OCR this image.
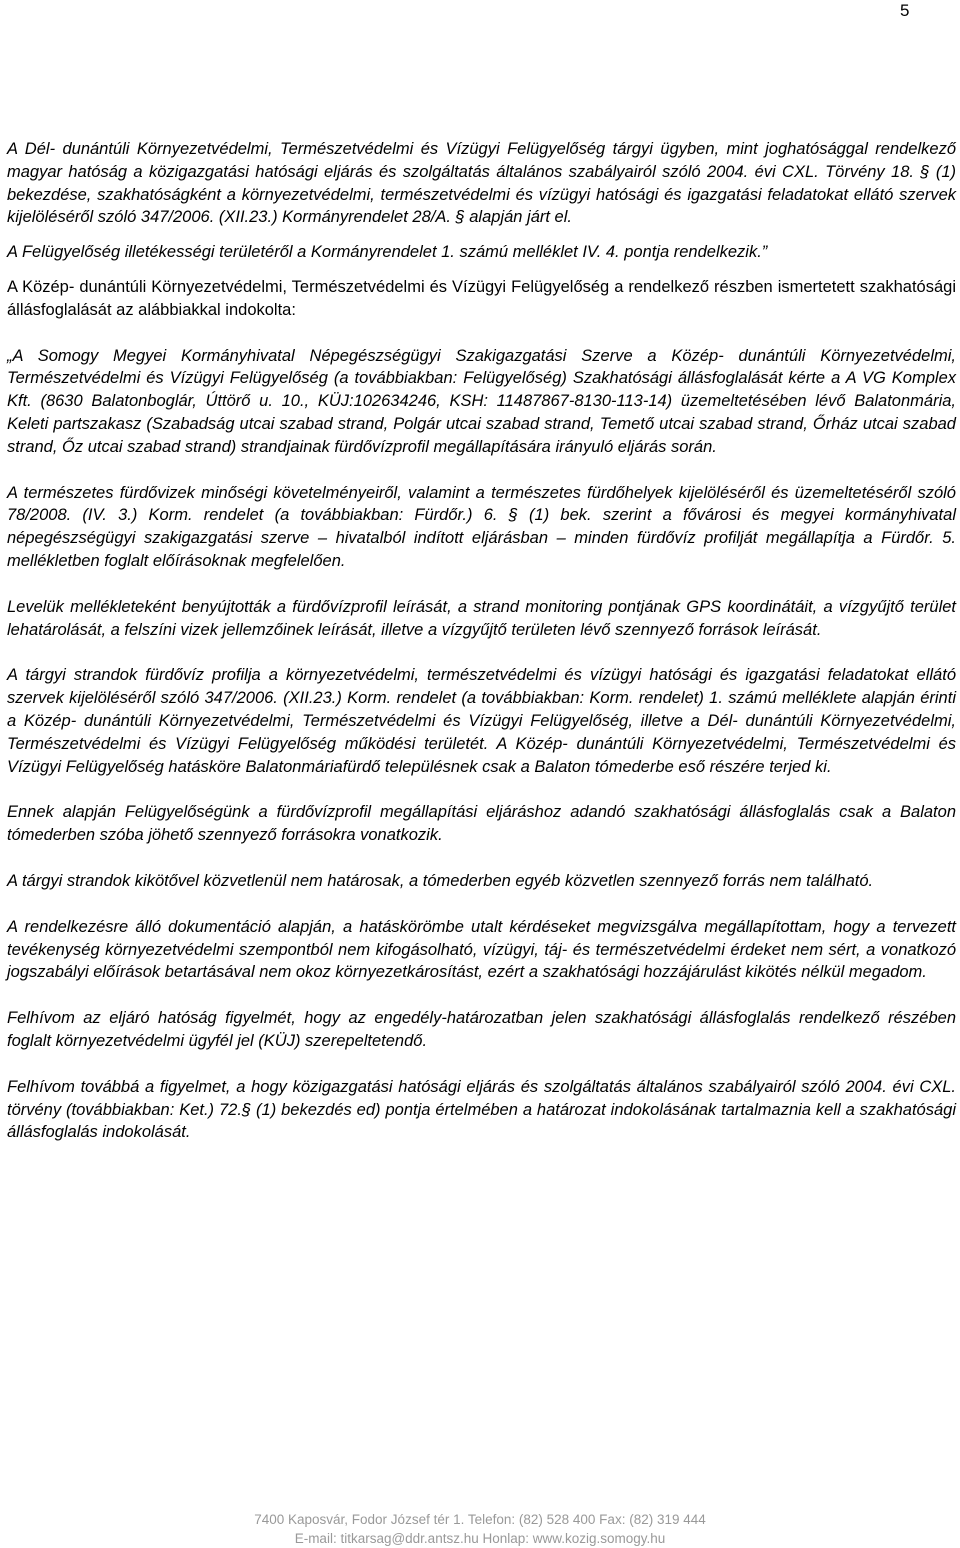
5

A Dél- dunántúli Környezetvédelmi, Természetvédelmi és Vízügyi Felügyelőség tárgyi ügyben, mint joghatósággal rendelkező magyar hatóság a közigazgatási hatósági eljárás és szolgáltatás általános szabályairól szóló 2004. évi CXL. Törvény 18. § (1) bekezdése, szakhatóságként a környezetvédelmi, természetvédelmi és vízügyi hatósági és igazgatási feladatokat ellátó szervek kijelöléséről szóló 347/2006. (XII.23.) Kormányrendelet 28/A. § alapján járt el.

A Felügyelőség illetékességi területéről a Kormányrendelet 1. számú melléklet IV. 4. pontja rendelkezik.”

A Közép- dunántúli Környezetvédelmi, Természetvédelmi és Vízügyi Felügyelőség a rendelkező részben ismertetett szakhatósági állásfoglalását az alábbiakkal indokolta:

„A Somogy Megyei Kormányhivatal Népegészségügyi Szakigazgatási Szerve a Közép- dunántúli Környezetvédelmi, Természetvédelmi és Vízügyi Felügyelőség (a továbbiakban: Felügyelőség) Szakhatósági állásfoglalását kérte a A VG Komplex Kft. (8630 Balatonboglár, Úttörő u. 10., KÜJ:102634246, KSH: 11487867-8130-113-14) üzemeltetésében lévő Balatonmária, Keleti partszakasz (Szabadság utcai szabad strand, Polgár utcai szabad strand, Temető utcai szabad strand, Őrház utcai szabad strand, Őz utcai szabad strand) strandjainak fürdővízprofil megállapítására irányuló eljárás során.

A természetes fürdővizek minőségi követelményeiről, valamint a természetes fürdőhelyek kijelöléséről és üzemeltetéséről szóló 78/2008. (IV. 3.) Korm. rendelet (a továbbiakban: Fürdőr.) 6. § (1) bek. szerint a fővárosi és megyei kormányhivatal népegészségügyi szakigazgatási szerve – hivatalból indított eljárásban – minden fürdővíz profilját megállapítja a Fürdőr. 5. mellékletben foglalt előírásoknak megfelelően.

Levelük mellékleteként benyújtották a fürdővízprofil leírását, a strand monitoring pontjának GPS koordinátáit, a vízgyűjtő terület lehatárolását, a felszíni vizek jellemzőinek leírását, illetve a vízgyűjtő területen lévő szennyező források leírását.

A tárgyi strandok fürdővíz profilja a környezetvédelmi, természetvédelmi és vízügyi hatósági és igazgatási feladatokat ellátó szervek kijelöléséről szóló 347/2006. (XII.23.) Korm. rendelet (a továbbiakban: Korm. rendelet) 1. számú melléklete alapján érinti a Közép- dunántúli Környezetvédelmi, Természetvédelmi és Vízügyi Felügyelőség, illetve a Dél- dunántúli Környezetvédelmi, Természetvédelmi és Vízügyi Felügyelőség működési területét. A Közép- dunántúli Környezetvédelmi, Természetvédelmi és Vízügyi Felügyelőség hatásköre Balatonmáriafürdő településnek csak a Balaton tómederbe eső részére terjed ki.

Ennek alapján Felügyelőségünk a fürdővízprofil megállapítási eljáráshoz adandó szakhatósági állásfoglalás csak a Balaton tómederben szóba jöhető szennyező forrásokra vonatkozik.

A tárgyi strandok kikötővel közvetlenül nem határosak, a tómederben egyéb közvetlen szennyező forrás nem található.

A rendelkezésre álló dokumentáció alapján, a hatáskörömbe utalt kérdéseket megvizsgálva megállapítottam, hogy a tervezett tevékenység környezetvédelmi szempontból nem kifogásolható, vízügyi, táj- és természetvédelmi érdeket nem sért, a vonatkozó jogszabályi előírások betartásával nem okoz környezetkárosítást, ezért a szakhatósági hozzájárulást kikötés nélkül megadom.

Felhívom az eljáró hatóság figyelmét, hogy az engedély-határozatban jelen szakhatósági állásfoglalás rendelkező részében foglalt környezetvédelmi ügyfél jel (KÜJ) szerepeltetendő.

Felhívom továbbá a figyelmet, a hogy közigazgatási hatósági eljárás és szolgáltatás általános szabályairól szóló 2004. évi CXL. törvény (továbbiakban: Ket.) 72.§ (1) bekezdés ed) pontja értelmében a határozat indokolásának tartalmaznia kell a szakhatósági állásfoglalás indokolását.

7400 Kaposvár, Fodor József tér 1. Telefon: (82) 528 400 Fax: (82) 319 444
E-mail: titkarsag@ddr.antsz.hu Honlap: www.kozig.somogy.hu
